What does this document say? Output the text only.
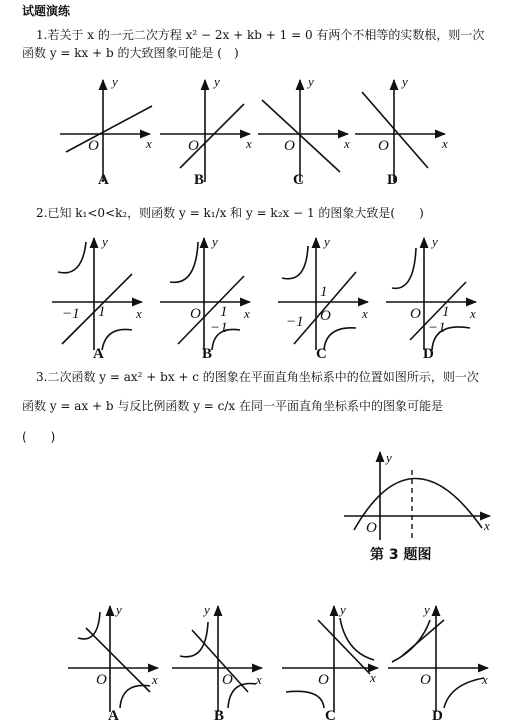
试题演练
1.若关于 x 的一元二次方程 x² − 2x + kb + 1 = 0 有两个不相等的实数根，则一次
函数 y = kx + b 的大致图象可能是 (　)
y
x
O
A
y
x
O
B
y
x
O
C
y
x
O
D
2.已知 k₁<0<k₂，则函数 y = k₁/x 和 y = k₂x − 1 的图象大致是(　　)
y
x
1
−1
A
y
x
O 1
−1
B
y
x
1
−1 O
C
y
x
O 1
−1
D
3.二次函数 y = ax² + bx + c 的图象在平面直角坐标系中的位置如图所示，则一次
函数 y = ax + b 与反比例函数 y = c/x 在同一平面直角坐标系中的图象可能是
(　　)
y
x
O
第 3 题图
y
x
O
A
y
x
O
B
y
x
O
C
y
x
O
D
